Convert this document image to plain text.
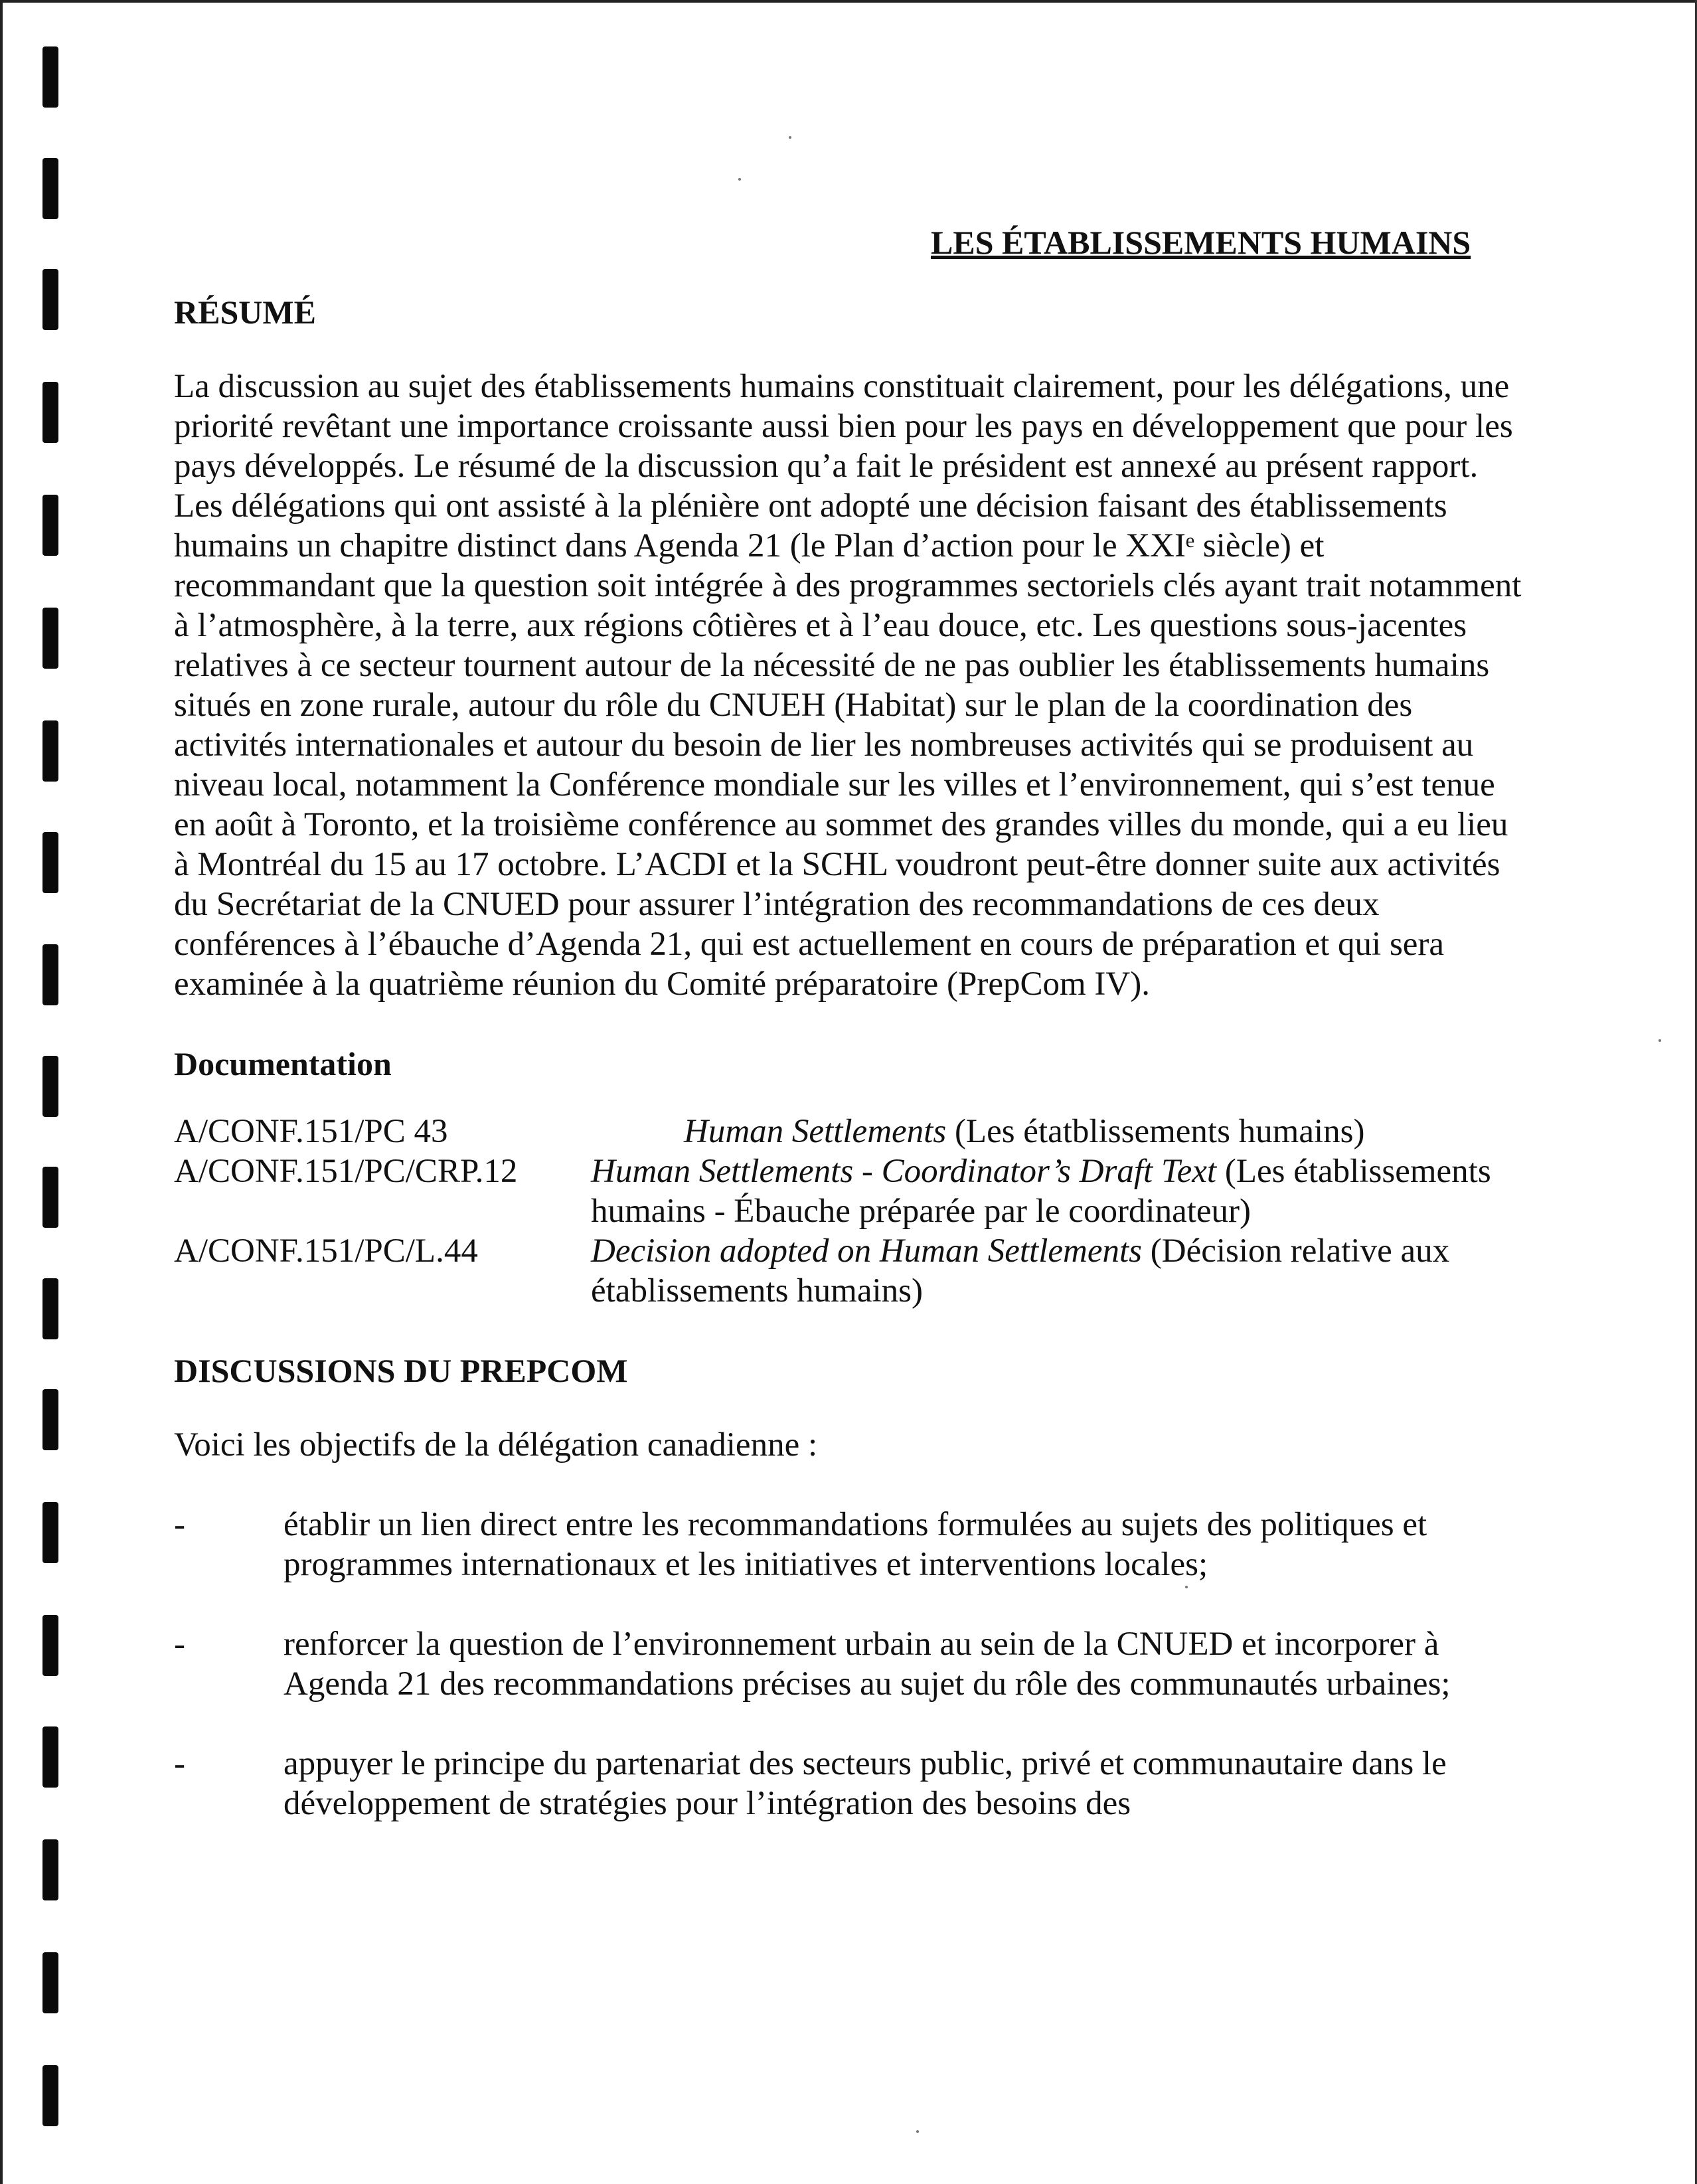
LES ÉTABLISSEMENTS HUMAINS

RÉSUMÉ

La discussion au sujet des établissements humains constituait clairement, pour les délégations, une priorité revêtant une importance croissante aussi bien pour les pays en développement que pour les pays développés. Le résumé de la discussion qu’a fait le président est annexé au présent rapport. Les délégations qui ont assisté à la plénière ont adopté une décision faisant des établissements humains un chapitre distinct dans Agenda 21 (le Plan d’action pour le XXIᵉ siècle) et recommandant que la question soit intégrée à des programmes sectoriels clés ayant trait notamment à l’atmosphère, à la terre, aux régions côtières et à l’eau douce, etc. Les questions sous-jacentes relatives à ce secteur tournent autour de la nécessité de ne pas oublier les établissements humains situés en zone rurale, autour du rôle du CNUEH (Habitat) sur le plan de la coordination des activités internationales et autour du besoin de lier les nombreuses activités qui se produisent au niveau local, notamment la Conférence mondiale sur les villes et l’environnement, qui s’est tenue en août à Toronto, et la troisième conférence au sommet des grandes villes du monde, qui a eu lieu à Montréal du 15 au 17 octobre. L’ACDI et la SCHL voudront peut-être donner suite aux activités du Secrétariat de la CNUED pour assurer l’intégration des recommandations de ces deux conférences à l’ébauche d’Agenda 21, qui est actuellement en cours de préparation et qui sera examinée à la quatrième réunion du Comité préparatoire (PrepCom IV).

Documentation

A/CONF.151/PC 43	Human Settlements (Les étatblissements humains)
A/CONF.151/PC/CRP.12	Human Settlements - Coordinator’s Draft Text (Les établissements humains - Ébauche préparée par le coordinateur)
A/CONF.151/PC/L.44	Decision adopted on Human Settlements (Décision relative aux établissements humains)

DISCUSSIONS DU PREPCOM

Voici les objectifs de la délégation canadienne :

-	établir un lien direct entre les recommandations formulées au sujets des politiques et programmes internationaux et les initiatives et interventions locales;
-	renforcer la question de l’environnement urbain au sein de la CNUED et incorporer à Agenda 21 des recommandations précises au sujet du rôle des communautés urbaines;
-	appuyer le principe du partenariat des secteurs public, privé et communautaire dans le développement de stratégies pour l’intégration des besoins des
